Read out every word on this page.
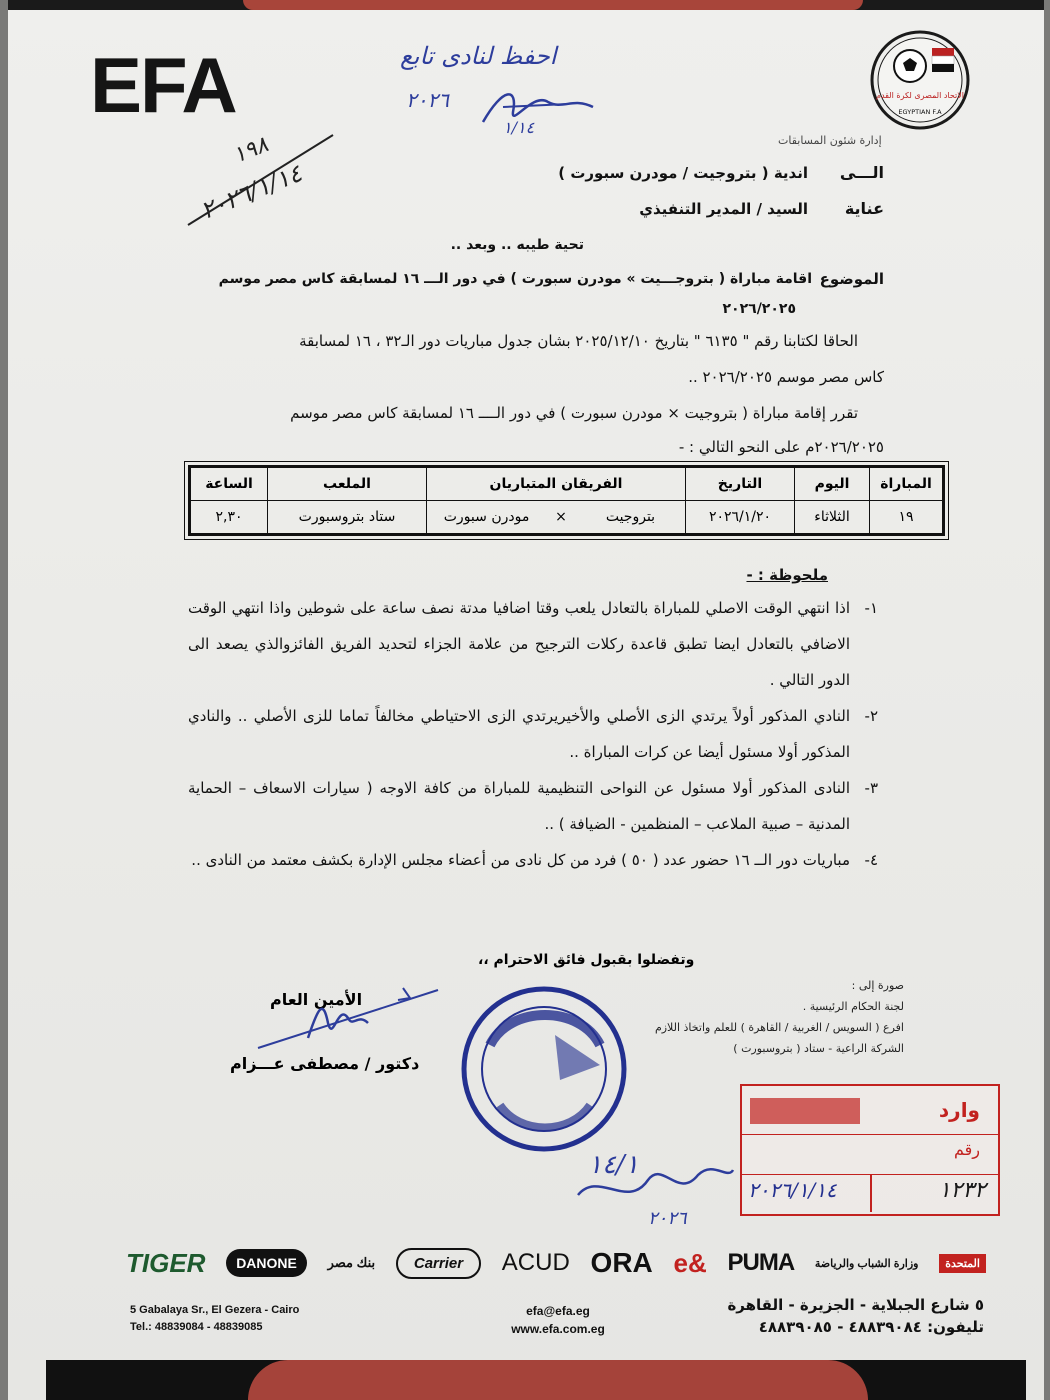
EFA	الاتحاد المصرى لكرة القدم
EGYPTIAN F.A
إدارة شئون المسابقات
احفظ لنادى تابع
٢٠٢٦
١/١٤
١٩٨
٢٠٢٦/١/١٤	الـــى
اندية ( بتروجيت / مودرن سبورت )
عناية
السيد / المدير التنفيذي
تحية طيبه .. وبعد ..
الموضوع
اقامة مباراة ( بتروجـــيت » مودرن سبورت ) في دور الـــ ١٦ لمسابقة كاس مصر موسم
٢٠٢٦/٢٠٢٥
الحاقا لكتابنا رقم " ٦١٣٥ " بتاريخ ٢٠٢٥/١٢/١٠ بشان جدول مباريات دور الـ٣٢ ، ١٦ لمسابقة
كاس مصر موسم ٢٠٢٦/٢٠٢٥ ..
تقرر إقامة مباراة ( بتروجيت × مودرن سبورت ) في دور الــــ ١٦ لمسابقة كاس مصر موسم
٢٠٢٦/٢٠٢٥م على النحو التالي : -
المباراة	اليوم	التاريخ	الفريقان المتباريان	الملعب	الساعة
١٩	الثلاثاء	٢٠٢٦/١/٢٠	بتروجيت × مودرن سبورت	ستاد بتروسبورت	٢,٣٠
ملحوظة : -
١-
اذا انتهي الوقت الاصلي للمباراة بالتعادل يلعب وقتا اضافيا مدتة نصف ساعة على شوطين واذا انتهي الوقت الاضافي بالتعادل ايضا تطبق قاعدة ركلات الترجيح من علامة الجزاء لتحديد الفريق الفائزوالذي يصعد الى الدور التالي .
٢-
النادي المذكور أولاً يرتدي الزى الأصلي والأخيريرتدي الزى الاحتياطي مخالفاً تماما للزى الأصلي .. والنادي المذكور أولا مسئول أيضا عن كرات المباراة ..
٣-
النادى المذكور أولا مسئول عن النواحى التنظيمية للمباراة من كافة الاوجه ( سيارات الاسعاف – الحماية المدنية – صبية الملاعب – المنظمين - الضيافة ) ..
٤-
مباريات دور الــ ١٦ حضور عدد ( ٥٠ ) فرد من كل نادى من أعضاء مجلس الإدارة بكشف معتمد من النادى ..
وتفضلوا بقبول فائق الاحترام ،،
صورة إلى :
لجنة الحكام الرئيسية .
افرع ( السويس / الغربية / القاهرة ) للعلم واتخاذ اللازم
الشركة الراعية - ستاد ( بتروسبورت )
الأمين العام
دكتور / مصطفى عـــزام
وارد
رقم
١٢٣٢
٢٠٢٦/١/١٤
١٤/١
٢٠٢٦
TIGER	DANONE	بنك مصر	Carrier	ACUD ORA e& PUMA وزارة الشباب والرياضة	المتحدة
5 Gabalaya Sr., El Gezera - Cairo
Tel.: 48839084 - 48839085
efa@efa.eg
www.efa.com.eg
٥ شارع الجبلاية - الجزيرة - القاهرة
تليفون: ٤٨٨٣٩٠٨٤ - ٤٨٨٣٩٠٨٥
